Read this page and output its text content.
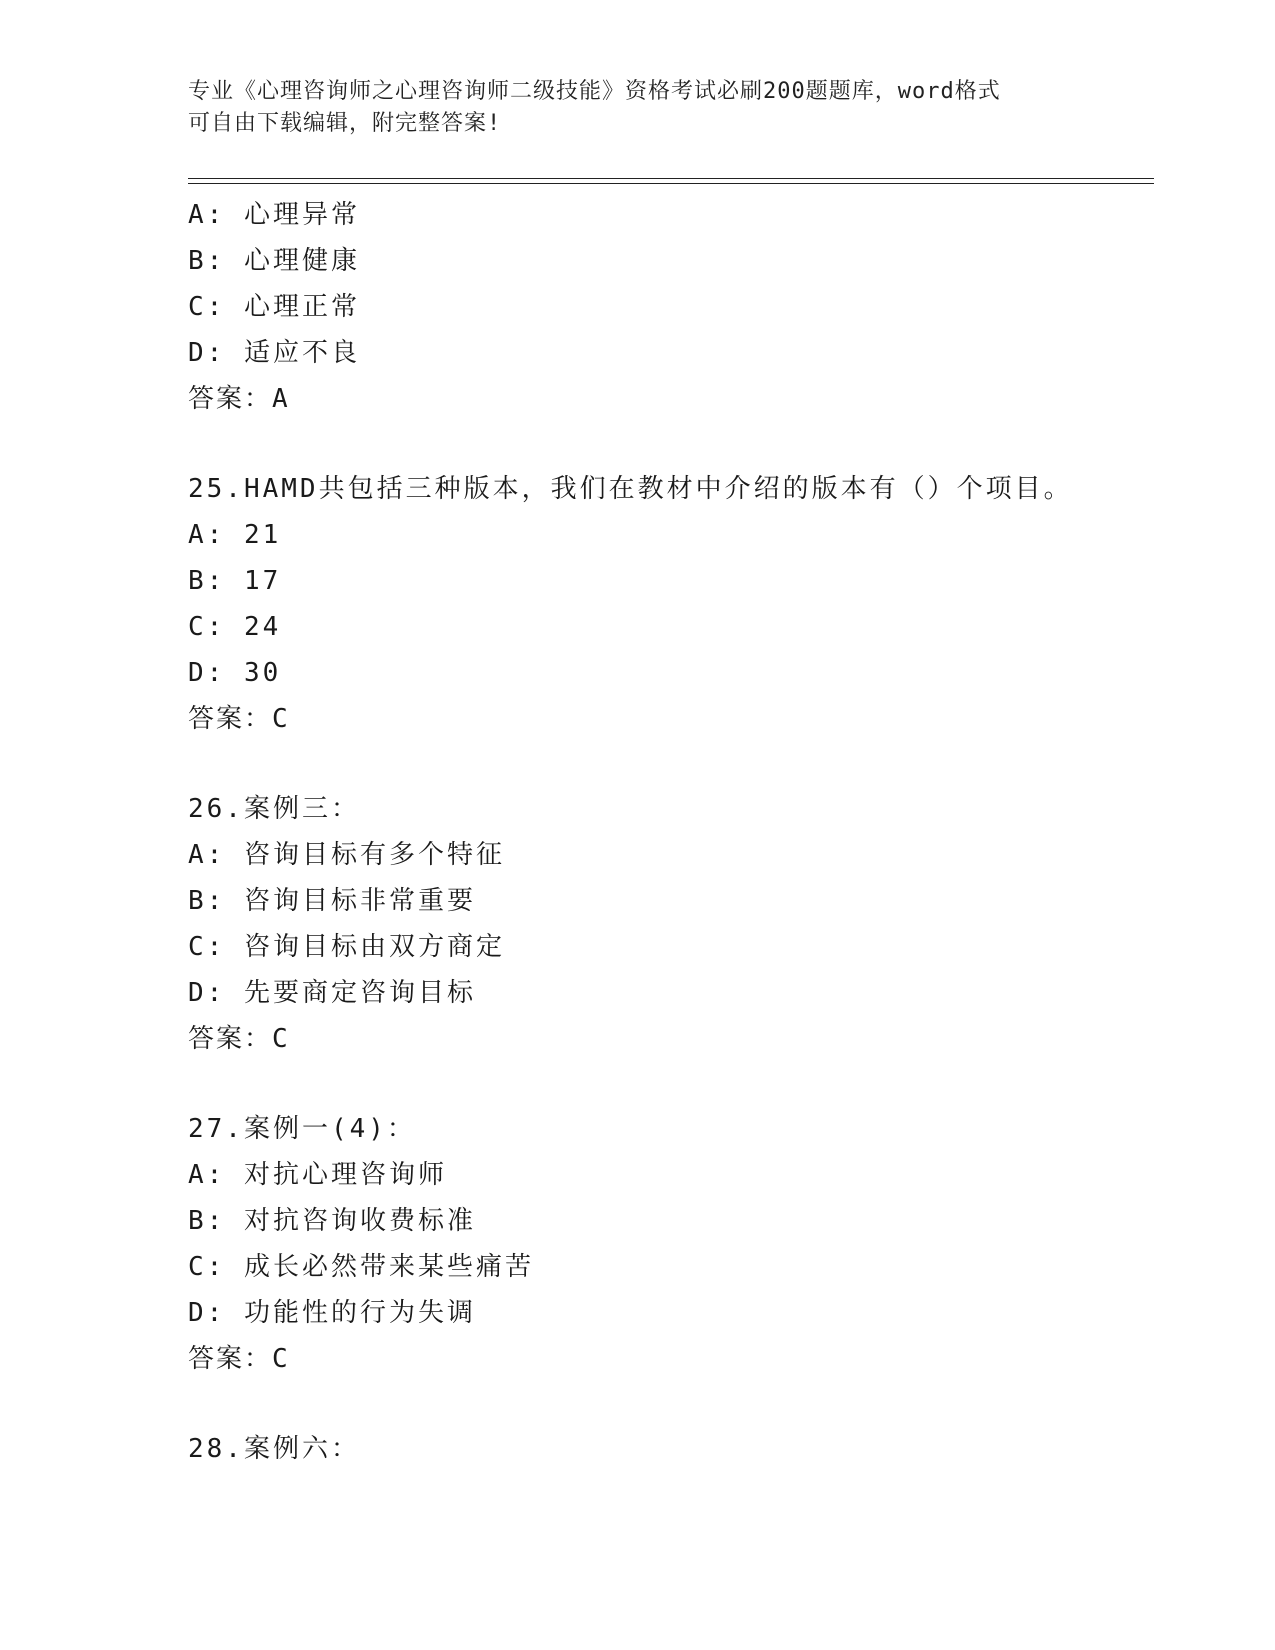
专业《心理咨询师之心理咨询师二级技能》资格考试必刷200题题库，word格式
可自由下载编辑，附完整答案!
A: 心理异常
B: 心理健康
C: 心理正常
D: 适应不良
答案：A
25.HAMD共包括三种版本，我们在教材中介绍的版本有（）个项目。
A: 21
B: 17
C: 24
D: 30
答案：C
26.案例三：
A: 咨询目标有多个特征
B: 咨询目标非常重要
C: 咨询目标由双方商定
D: 先要商定咨询目标
答案：C
27.案例一(4)：
A: 对抗心理咨询师
B: 对抗咨询收费标准
C: 成长必然带来某些痛苦
D: 功能性的行为失调
答案：C
28.案例六：
